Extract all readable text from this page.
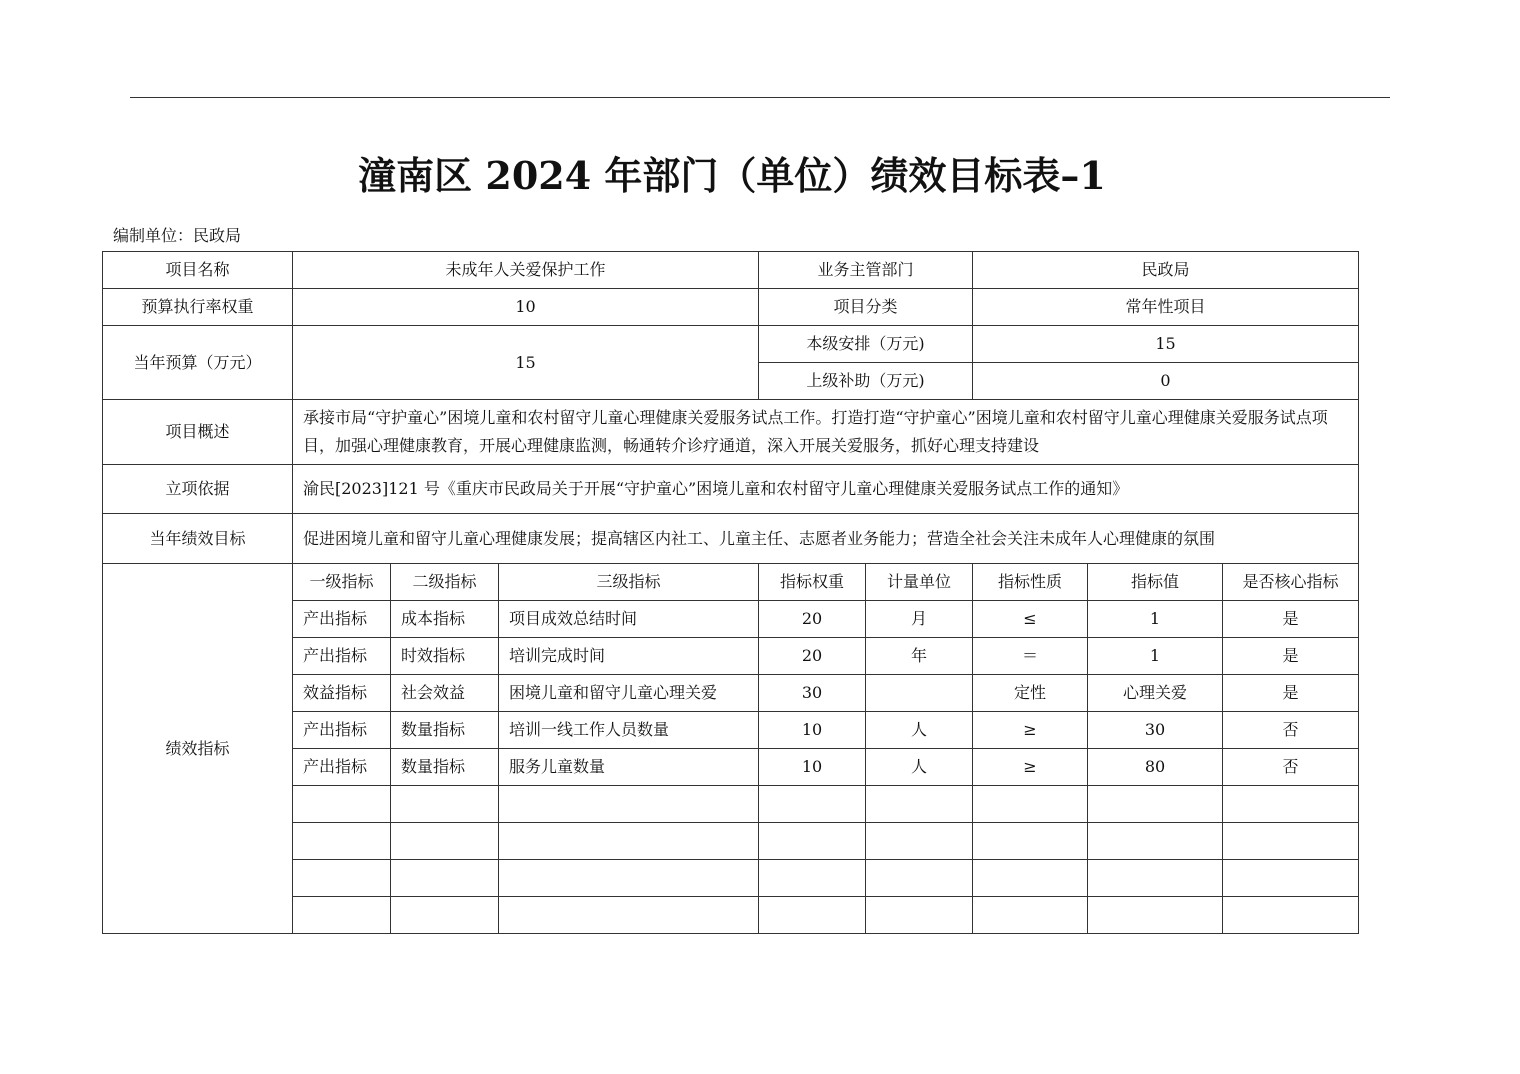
潼南区 2024 年部门（单位）绩效目标表–1
编制单位：民政局
项目名称	未成年人关爱保护工作			业务主管部门		民政局		
预算执行率权重	10			项目分类		常年性项目		
当年预算（万元）	15			本级安排（万元)		15		
				上级补助（万元)		0		
项目概述	承接市局“守护童心”困境儿童和农村留守儿童心理健康关爱服务试点工作。打造打造“守护童心”困境儿童和农村留守儿童心理健康关爱服务试点项目，加强心理健康教育，开展心理健康监测，畅通转介诊疗通道，深入开展关爱服务，抓好心理支持建设							
立项依据	渝民[2023]121 号《重庆市民政局关于开展“守护童心”困境儿童和农村留守儿童心理健康关爱服务试点工作的通知》							
当年绩效目标	促进困境儿童和留守儿童心理健康发展；提高辖区内社工、儿童主任、志愿者业务能力；营造全社会关注未成年人心理健康的氛围							
绩效指标	一级指标	二级指标	三级指标	指标权重	计量单位	指标性质	指标值	是否核心指标
	产出指标	成本指标	项目成效总结时间	20	月	≤	1	是
	产出指标	时效指标	培训完成时间	20	年	＝	1	是
	效益指标	社会效益	困境儿童和留守儿童心理关爱	30		定性	心理关爱	是
	产出指标	数量指标	培训一线工作人员数量	10	人	≥	30	否
	产出指标	数量指标	服务儿童数量	10	人	≥	80	否
